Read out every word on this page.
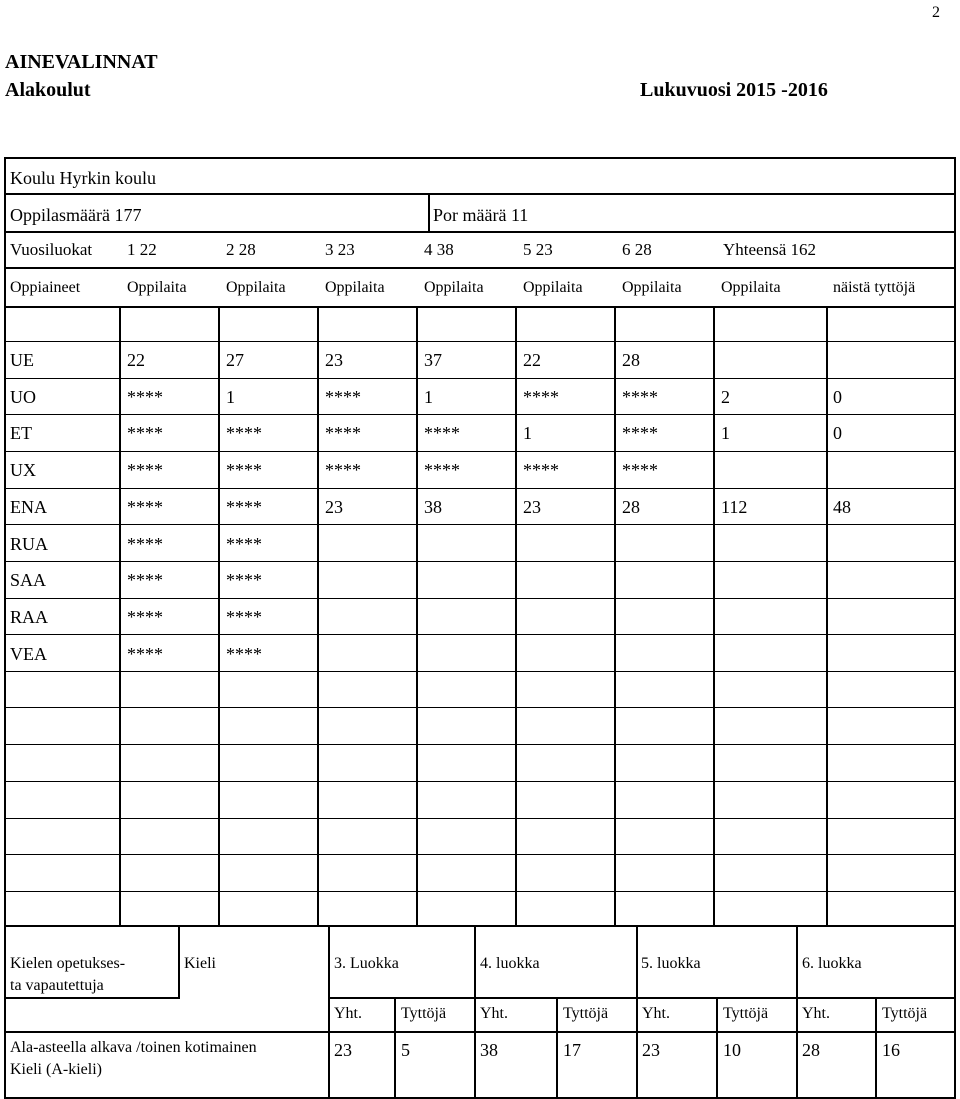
2
AINEVALINNAT
Alakoulut	Lukuvuosi 2015 -2016
Koulu Hyrkin koulu
Oppilasmäärä 177	Por määrä 11
Vuosiluokat 1 22	2 28	3 23	4 38	5 23	6 28	Yhteensä 162
Oppiaineet	Oppilaita Oppilaita Oppilaita Oppilaita Oppilaita Oppilaita Oppilaita	näistä tyttöjä
UE	22	27	23	37	22	28
UO	****	1	****	1	****	****	2	0
ET	****	****	****	****	1	****	1	0
UX	****	****	****	****	****	****
ENA	****	****	23	38	23	28	112	48
RUA	****	****
SAA	****	****
RAA	****	****
VEA	****	****
Kielen opetukses-
ta vapautettuja
Kieli	3. Luokka	4. luokka	5. luokka	6. luokka
Yht. Tyttöjä Yht.	Tyttöjä Yht.	Tyttöjä Yht.	Tyttöjä
Ala-asteella alkava /toinen kotimainen
Kieli (A-kieli)
23	5	38	17	23	10	28	16
